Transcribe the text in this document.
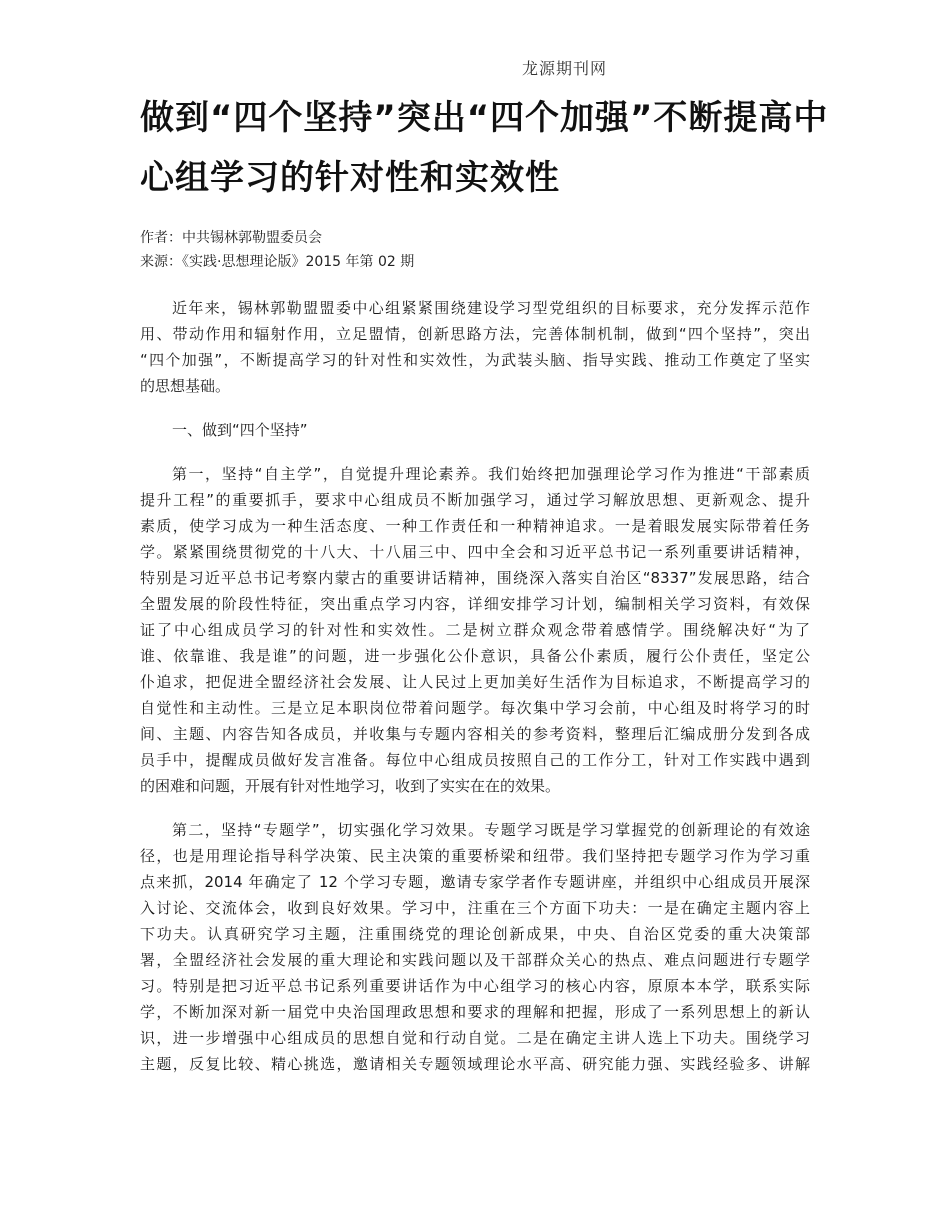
龙源期刊网
做到“四个坚持”突出“四个加强”不断提高中
心组学习的针对性和实效性
作者：中共锡林郭勒盟委员会
来源：《实践·思想理论版》2015 年第 02 期

近年来，锡林郭勒盟盟委中心组紧紧围绕建设学习型党组织的目标要求，充分发挥示范作
用、带动作用和辐射作用，立足盟情，创新思路方法，完善体制机制，做到“四个坚持”，突出
“四个加强”，不断提高学习的针对性和实效性，为武装头脑、指导实践、推动工作奠定了坚实
的思想基础。

一、做到“四个坚持”

第一，坚持“自主学”，自觉提升理论素养。我们始终把加强理论学习作为推进“干部素质
提升工程”的重要抓手，要求中心组成员不断加强学习，通过学习解放思想、更新观念、提升
素质，使学习成为一种生活态度、一种工作责任和一种精神追求。一是着眼发展实际带着任务
学。紧紧围绕贯彻党的十八大、十八届三中、四中全会和习近平总书记一系列重要讲话精神，
特别是习近平总书记考察内蒙古的重要讲话精神，围绕深入落实自治区“8337”发展思路，结合
全盟发展的阶段性特征，突出重点学习内容，详细安排学习计划，编制相关学习资料，有效保
证了中心组成员学习的针对性和实效性。二是树立群众观念带着感情学。围绕解决好“为了
谁、依靠谁、我是谁”的问题，进一步强化公仆意识，具备公仆素质，履行公仆责任，坚定公
仆追求，把促进全盟经济社会发展、让人民过上更加美好生活作为目标追求，不断提高学习的
自觉性和主动性。三是立足本职岗位带着问题学。每次集中学习会前，中心组及时将学习的时
间、主题、内容告知各成员，并收集与专题内容相关的参考资料，整理后汇编成册分发到各成
员手中，提醒成员做好发言准备。每位中心组成员按照自己的工作分工，针对工作实践中遇到
的困难和问题，开展有针对性地学习，收到了实实在在的效果。

第二，坚持“专题学”，切实强化学习效果。专题学习既是学习掌握党的创新理论的有效途
径，也是用理论指导科学决策、民主决策的重要桥梁和纽带。我们坚持把专题学习作为学习重
点来抓，2014 年确定了 12 个学习专题，邀请专家学者作专题讲座，并组织中心组成员开展深
入讨论、交流体会，收到良好效果。学习中，注重在三个方面下功夫：一是在确定主题内容上
下功夫。认真研究学习主题，注重围绕党的理论创新成果，中央、自治区党委的重大决策部
署，全盟经济社会发展的重大理论和实践问题以及干部群众关心的热点、难点问题进行专题学
习。特别是把习近平总书记系列重要讲话作为中心组学习的核心内容，原原本本学，联系实际
学，不断加深对新一届党中央治国理政思想和要求的理解和把握，形成了一系列思想上的新认
识，进一步增强中心组成员的思想自觉和行动自觉。二是在确定主讲人选上下功夫。围绕学习
主题，反复比较、精心挑选，邀请相关专题领域理论水平高、研究能力强、实践经验多、讲解
